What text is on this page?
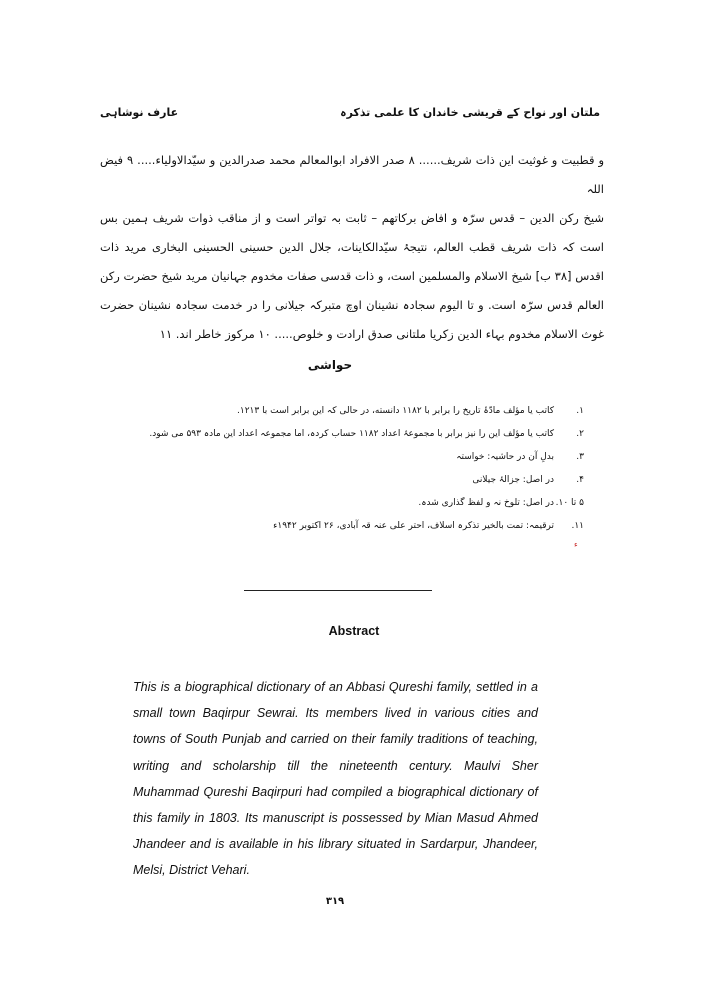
ملتان اور نواح کے قریشی خاندان کا علمی تذکرہ
عارف نوشاہی

و قطبیت و غوثیت این ذات شریف...... ۸ صدر الافراد ابوالمعالم محمد صدرالدین و سیّدالاولیاء..... ۹ فیض اللہ

شیخ رکن الدین – قدس سرّہ و افاض برکاتھم – ثابت بہ تواتر است و از مناقب ذوات شریف ہمین بس است کہ ذات شریف قطب العالم، نتیجۂ سیّدالکاینات، جلال الدین حسینی الحسینی البخاری مرید ذات اقدس [۳۸ ب] شیخ الاسلام والمسلمین است، و ذات قدسی صفات مخدوم جہانیان مرید شیخ حضرت رکن العالم قدس سرّہ است. و تا الیوم سجادہ نشینان اوچ متبرکہ جیلانی را در خدمت سجادہ نشینان حضرت غوث الاسلام مخدوم بہاء الدین زکریا ملتانی صدق ارادت و خلوص..... ۱۰ مرکوز خاطر اند. ۱۱

حواشی
۱.
کاتب یا مؤلف مادّۂ تاریخ را برابر با ۱۱۸۲ دانسته، در حالی کہ این برابر است با ۱۲۱۳.
۲.
کاتب یا مؤلف این را نیز برابر با مجموعۂ اعداد ۱۱۸۲ حساب کردہ، اما مجموعہ اعداد این مادہ ۵۹۳ می شود.
۳.
بدلِ آن در حاشیہ: خواستہ
۴.
در اصل: جزالۂ جیلانی
۵ تا ۱۰.
در اصل: تلوخ نہ و لفظ گذاری شدہ.
۱۱.
ترقیمہ: تمت بالخیر تذکرہ اسلاف، احتر علی عنہ قہ آبادی، ۲۶ اکتوبر ۱۹۴۲ء
ء
Abstract

This is a biographical dictionary of an Abbasi Qureshi family, settled in a small town Baqirpur Sewrai. Its members lived in various cities and towns of South Punjab and carried on their family traditions of teaching, writing and scholarship till the nineteenth century. Maulvi Sher Muhammad Qureshi Baqirpuri had compiled a biographical dictionary of this family in 1803. Its manuscript is possessed by Mian Masud Ahmed Jhandeer and is available in his library situated in Sardarpur, Jhandeer, Melsi, District Vehari.

۳۱۹
